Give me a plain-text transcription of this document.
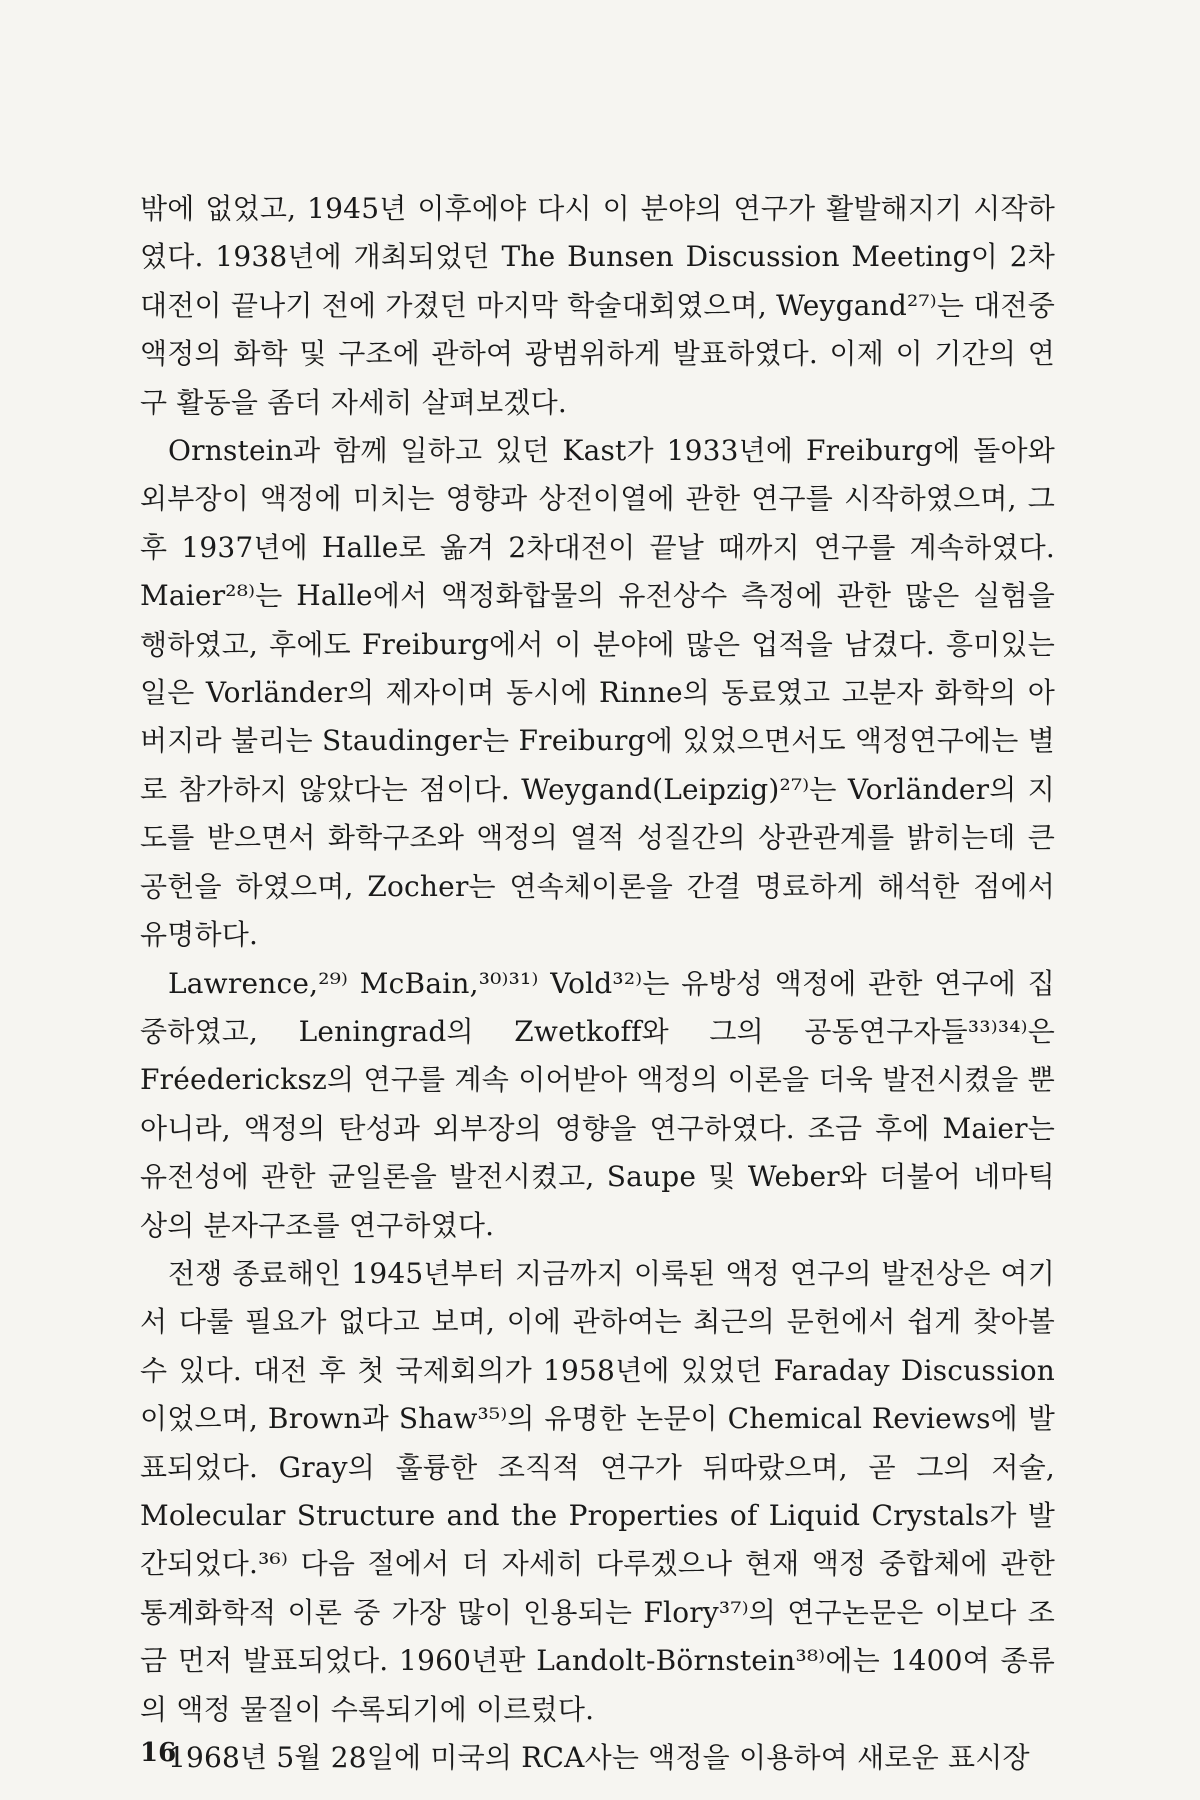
밖에 없었고, 1945년 이후에야 다시 이 분야의 연구가 활발해지기 시작하였다. 1938년에 개최되었던 The Bunsen Discussion Meeting이 2차대전이 끝나기 전에 가졌던 마지막 학술대회였으며, Weygand²⁷⁾는 대전중 액정의 화학 및 구조에 관하여 광범위하게 발표하였다. 이제 이 기간의 연구 활동을 좀더 자세히 살펴보겠다.

Ornstein과 함께 일하고 있던 Kast가 1933년에 Freiburg에 돌아와 외부장이 액정에 미치는 영향과 상전이열에 관한 연구를 시작하였으며, 그후 1937년에 Halle로 옮겨 2차대전이 끝날 때까지 연구를 계속하였다. Maier²⁸⁾는 Halle에서 액정화합물의 유전상수 측정에 관한 많은 실험을 행하였고, 후에도 Freiburg에서 이 분야에 많은 업적을 남겼다. 흥미있는 일은 Vorländer의 제자이며 동시에 Rinne의 동료였고 고분자 화학의 아버지라 불리는 Staudinger는 Freiburg에 있었으면서도 액정연구에는 별로 참가하지 않았다는 점이다. Weygand(Leipzig)²⁷⁾는 Vorländer의 지도를 받으면서 화학구조와 액정의 열적 성질간의 상관관계를 밝히는데 큰 공헌을 하였으며, Zocher는 연속체이론을 간결 명료하게 해석한 점에서 유명하다.

Lawrence,²⁹⁾ McBain,³⁰⁾³¹⁾ Vold³²⁾는 유방성 액정에 관한 연구에 집중하였고, Leningrad의 Zwetkoff와 그의 공동연구자들³³⁾³⁴⁾은 Fréedericksz의 연구를 계속 이어받아 액정의 이론을 더욱 발전시켰을 뿐 아니라, 액정의 탄성과 외부장의 영향을 연구하였다. 조금 후에 Maier는 유전성에 관한 균일론을 발전시켰고, Saupe 및 Weber와 더불어 네마틱상의 분자구조를 연구하였다.

전쟁 종료해인 1945년부터 지금까지 이룩된 액정 연구의 발전상은 여기서 다룰 필요가 없다고 보며, 이에 관하여는 최근의 문헌에서 쉽게 찾아볼 수 있다. 대전 후 첫 국제회의가 1958년에 있었던 Faraday Discussion이었으며, Brown과 Shaw³⁵⁾의 유명한 논문이 Chemical Reviews에 발표되었다. Gray의 훌륭한 조직적 연구가 뒤따랐으며, 곧 그의 저술, Molecular Structure and the Properties of Liquid Crystals가 발간되었다.³⁶⁾ 다음 절에서 더 자세히 다루겠으나 현재 액정 중합체에 관한 통계화학적 이론 중 가장 많이 인용되는 Flory³⁷⁾의 연구논문은 이보다 조금 먼저 발표되었다. 1960년판 Landolt-Börnstein³⁸⁾에는 1400여 종류의 액정 물질이 수록되기에 이르렀다.

1968년 5월 28일에 미국의 RCA사는 액정을 이용하여 새로운 표시장

16
